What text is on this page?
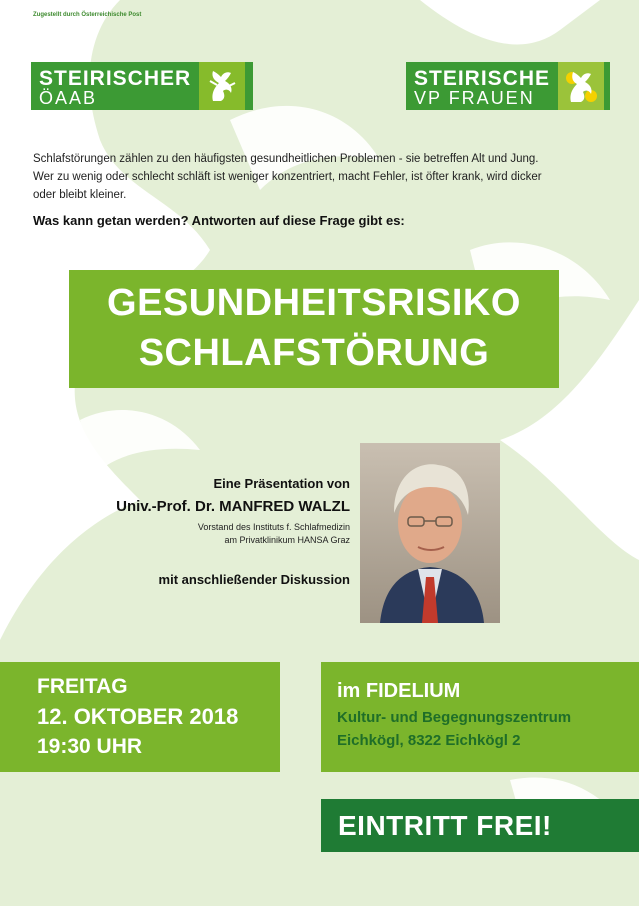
Zugestellt durch Österreichische Post
STEIRISCHER
ÖAAB
STEIRISCHE
VP FRAUEN
Schlafstörungen zählen zu den häufigsten gesundheitlichen Problemen - sie betreffen Alt und Jung.
Wer zu wenig oder schlecht schläft ist weniger konzentriert, macht Fehler, ist öfter krank, wird dicker
oder bleibt kleiner.
Was kann getan werden? Antworten auf diese Frage gibt es:
GESUNDHEITSRISIKO
SCHLAFSTÖRUNG
Eine Präsentation von
Univ.-Prof. Dr. MANFRED WALZL
Vorstand des Instituts f. Schlafmedizin
am Privatklinikum HANSA Graz
mit anschließender Diskussion
FREITAG
12. OKTOBER 2018
19:30 UHR
im FIDELIUM
Kultur- und Begegnungszentrum
Eichkögl, 8322 Eichkögl 2
EINTRITT FREI!
